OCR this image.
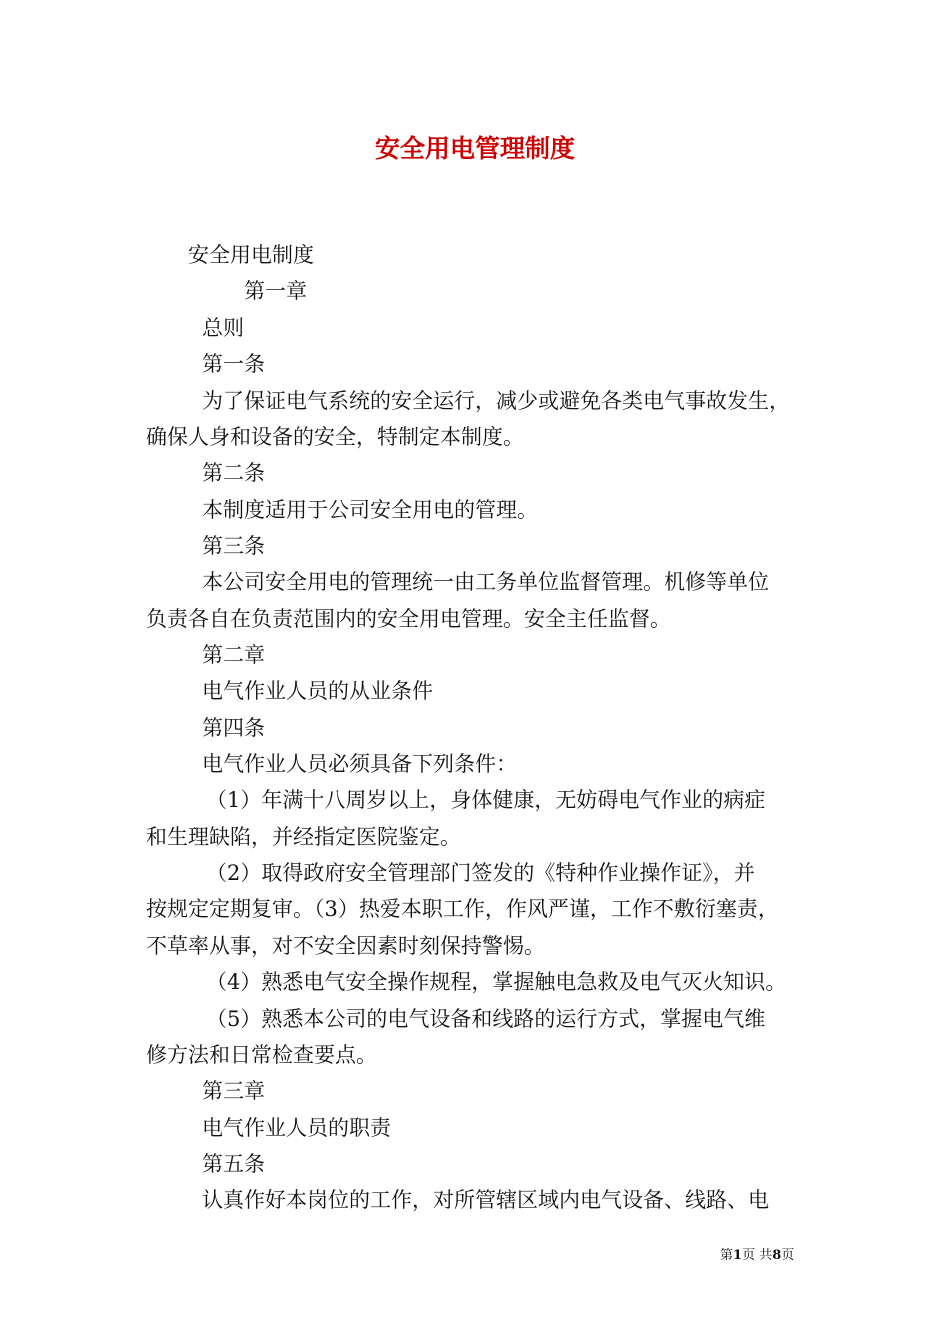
安全用电管理制度
安全用电制度
第一章
总则
第一条
为了保证电气系统的安全运行，减少或避免各类电气事故发生，
确保人身和设备的安全，特制定本制度。
第二条
本制度适用于公司安全用电的管理。
第三条
本公司安全用电的管理统一由工务单位监督管理。机修等单位
负责各自在负责范围内的安全用电管理。安全主任监督。
第二章
电气作业人员的从业条件
第四条
电气作业人员必须具备下列条件：
（1）年满十八周岁以上，身体健康，无妨碍电气作业的病症
和生理缺陷，并经指定医院鉴定。
（2）取得政府安全管理部门签发的《特种作业操作证》，并
按规定定期复审。（3）热爱本职工作，作风严谨，工作不敷衍塞责，
不草率从事，对不安全因素时刻保持警惕。
（4）熟悉电气安全操作规程，掌握触电急救及电气灭火知识。
（5）熟悉本公司的电气设备和线路的运行方式，掌握电气维
修方法和日常检查要点。
第三章
电气作业人员的职责
第五条
认真作好本岗位的工作，对所管辖区域内电气设备、线路、电
第1页 共8页
